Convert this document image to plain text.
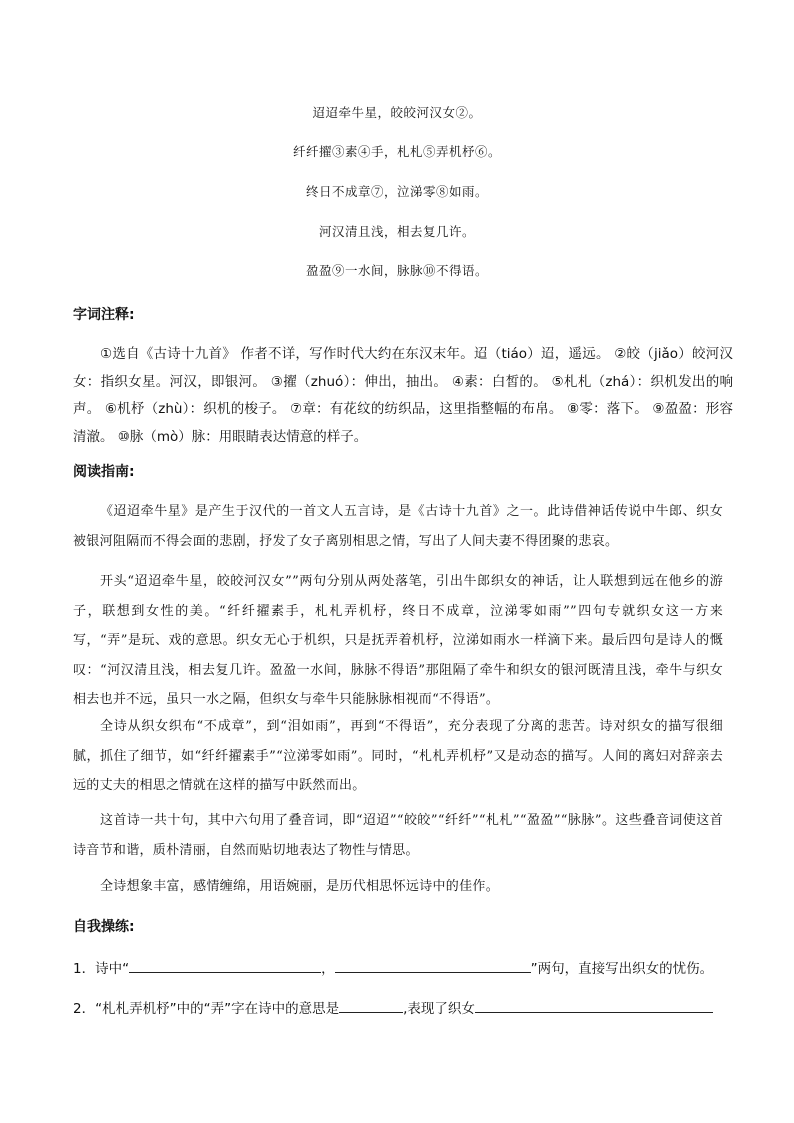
迢迢牵牛星，皎皎河汉女②。
纤纤擢③素④手，札札⑤弄机杼⑥。
终日不成章⑦，泣涕零⑧如雨。
河汉清且浅，相去复几许。
盈盈⑨一水间，脉脉⑩不得语。
字词注释:
①选自《古诗十九首》 作者不详，写作时代大约在东汉末年。迢（tiáo）迢，遥远。 ②皎（jiǎo）皎河汉女：指织女星。河汉，即银河。 ③擢（zhuó）：伸出，抽出。 ④素：白皙的。 ⑤札札（zhá）：织机发出的响声。 ⑥机杼（zhù）：织机的梭子。 ⑦章：有花纹的纺织品，这里指整幅的布帛。 ⑧零：落下。 ⑨盈盈：形容清澈。 ⑩脉（mò）脉：用眼睛表达情意的样子。
阅读指南:
《迢迢牵牛星》是产生于汉代的一首文人五言诗，是《古诗十九首》之一。此诗借神话传说中牛郎、织女被银河阻隔而不得会面的悲剧，抒发了女子离别相思之情，写出了人间夫妻不得团聚的悲哀。
开头“迢迢牵牛星，皎皎河汉女””两句分别从两处落笔，引出牛郎织女的神话，让人联想到远在他乡的游子，联想到女性的美。“纤纤擢素手，札札弄机杼，终日不成章，泣涕零如雨””四句专就织女这一方来写，“弄”是玩、戏的意思。织女无心于机织，只是抚弄着机杼，泣涕如雨水一样滴下来。最后四句是诗人的慨叹：“河汉清且浅，相去复几许。盈盈一水间，脉脉不得语”那阻隔了牵牛和织女的银河既清且浅，牵牛与织女相去也并不远，虽只一水之隔，但织女与牵牛只能脉脉相视而“不得语”。
全诗从织女织布“不成章”，到“泪如雨”，再到“不得语”，充分表现了分离的悲苦。诗对织女的描写很细腻，抓住了细节，如“纤纤擢素手”“泣涕零如雨”。同时，“札札弄机杼”又是动态的描写。人间的离妇对辞亲去远的丈夫的相思之情就在这样的描写中跃然而出。
这首诗一共十句，其中六句用了叠音词，即“迢迢”“皎皎”“纤纤”“札札”“盈盈”“脉脉”。这些叠音词使这首诗音节和谐，质朴清丽，自然而贴切地表达了物性与情思。
全诗想象丰富，感情缠绵，用语婉丽，是历代相思怀远诗中的佳作。
自我操练:
1．诗中“	，	”两句，直接写出织女的忧伤。
2．“札札弄机杼”中的“弄”字在诗中的意思是	,表现了织女
